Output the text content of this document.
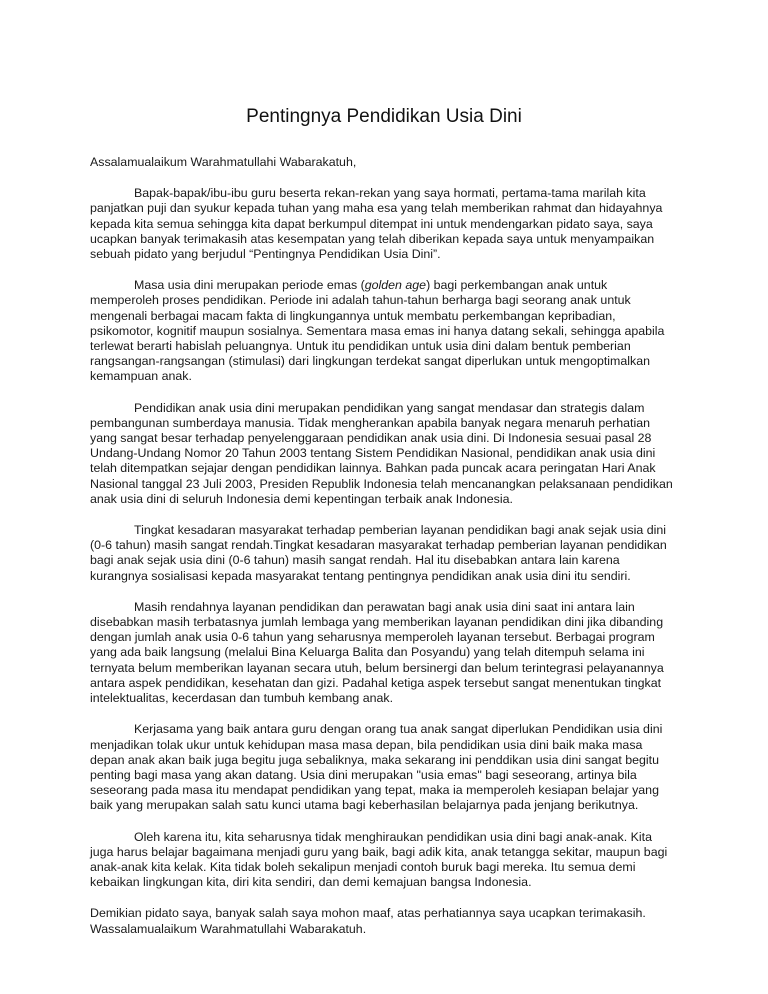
Pentingnya Pendidikan Usia Dini

Assalamualaikum Warahmatullahi Wabarakatuh,

Bapak-bapak/ibu-ibu guru beserta rekan-rekan yang saya hormati, pertama-tama marilah kita panjatkan puji dan syukur kepada tuhan yang maha esa yang telah memberikan rahmat dan hidayahnya kepada kita semua sehingga kita dapat berkumpul ditempat ini untuk mendengarkan pidato saya, saya ucapkan banyak terimakasih atas kesempatan yang telah diberikan kepada saya untuk menyampaikan sebuah pidato yang berjudul “Pentingnya Pendidikan Usia Dini”.

Masa usia dini merupakan periode emas (golden age) bagi perkembangan anak untuk memperoleh proses pendidikan. Periode ini adalah tahun-tahun berharga bagi seorang anak untuk mengenali berbagai macam fakta di lingkungannya untuk membatu perkembangan kepribadian, psikomotor, kognitif maupun sosialnya. Sementara masa emas ini hanya datang sekali, sehingga apabila terlewat berarti habislah peluangnya. Untuk itu pendidikan untuk usia dini dalam bentuk pemberian rangsangan-rangsangan (stimulasi) dari lingkungan terdekat sangat diperlukan untuk mengoptimalkan kemampuan anak.

Pendidikan anak usia dini merupakan pendidikan yang sangat mendasar dan strategis dalam pembangunan sumberdaya manusia. Tidak mengherankan apabila banyak negara menaruh perhatian yang sangat besar terhadap penyelenggaraan pendidikan anak usia dini. Di Indonesia sesuai pasal 28 Undang-Undang Nomor 20 Tahun 2003 tentang Sistem Pendidikan Nasional, pendidikan anak usia dini telah ditempatkan sejajar dengan pendidikan lainnya. Bahkan pada puncak acara peringatan Hari Anak Nasional tanggal 23 Juli 2003, Presiden Republik Indonesia telah mencanangkan pelaksanaan pendidikan anak usia dini di seluruh Indonesia demi kepentingan terbaik anak Indonesia.

Tingkat kesadaran masyarakat terhadap pemberian layanan pendidikan bagi anak sejak usia dini (0-6 tahun) masih sangat rendah.Tingkat kesadaran masyarakat terhadap pemberian layanan pendidikan bagi anak sejak usia dini (0-6 tahun) masih sangat rendah. Hal itu disebabkan antara lain karena kurangnya sosialisasi kepada masyarakat tentang pentingnya pendidikan anak usia dini itu sendiri.

Masih rendahnya layanan pendidikan dan perawatan bagi anak usia dini saat ini antara lain disebabkan masih terbatasnya jumlah lembaga yang memberikan layanan pendidikan dini jika dibanding dengan jumlah anak usia 0-6 tahun yang seharusnya memperoleh layanan tersebut. Berbagai program yang ada baik langsung (melalui Bina Keluarga Balita dan Posyandu) yang telah ditempuh selama ini ternyata belum memberikan layanan secara utuh, belum bersinergi dan belum terintegrasi pelayanannya antara aspek pendidikan, kesehatan dan gizi. Padahal ketiga aspek tersebut sangat menentukan tingkat intelektualitas, kecerdasan dan tumbuh kembang anak.

Kerjasama yang baik antara guru dengan orang tua anak sangat diperlukan Pendidikan usia dini menjadikan tolak ukur untuk kehidupan masa masa depan, bila pendidikan usia dini baik maka masa depan anak akan baik juga begitu juga sebaliknya, maka sekarang ini penddikan usia dini sangat begitu penting bagi masa yang akan datang. Usia dini merupakan "usia emas" bagi seseorang, artinya bila seseorang pada masa itu mendapat pendidikan yang tepat, maka ia memperoleh kesiapan belajar yang baik yang merupakan salah satu kunci utama bagi keberhasilan belajarnya pada jenjang berikutnya.

Oleh karena itu, kita seharusnya tidak menghiraukan pendidikan usia dini bagi anak-anak. Kita juga harus belajar bagaimana menjadi guru yang baik, bagi adik kita, anak tetangga sekitar, maupun bagi anak-anak kita kelak. Kita tidak boleh sekalipun menjadi contoh buruk bagi mereka. Itu semua demi kebaikan lingkungan kita, diri kita sendiri, dan demi kemajuan bangsa Indonesia.

Demikian pidato saya, banyak salah saya mohon maaf, atas perhatiannya saya ucapkan terimakasih.
Wassalamualaikum Warahmatullahi Wabarakatuh.
